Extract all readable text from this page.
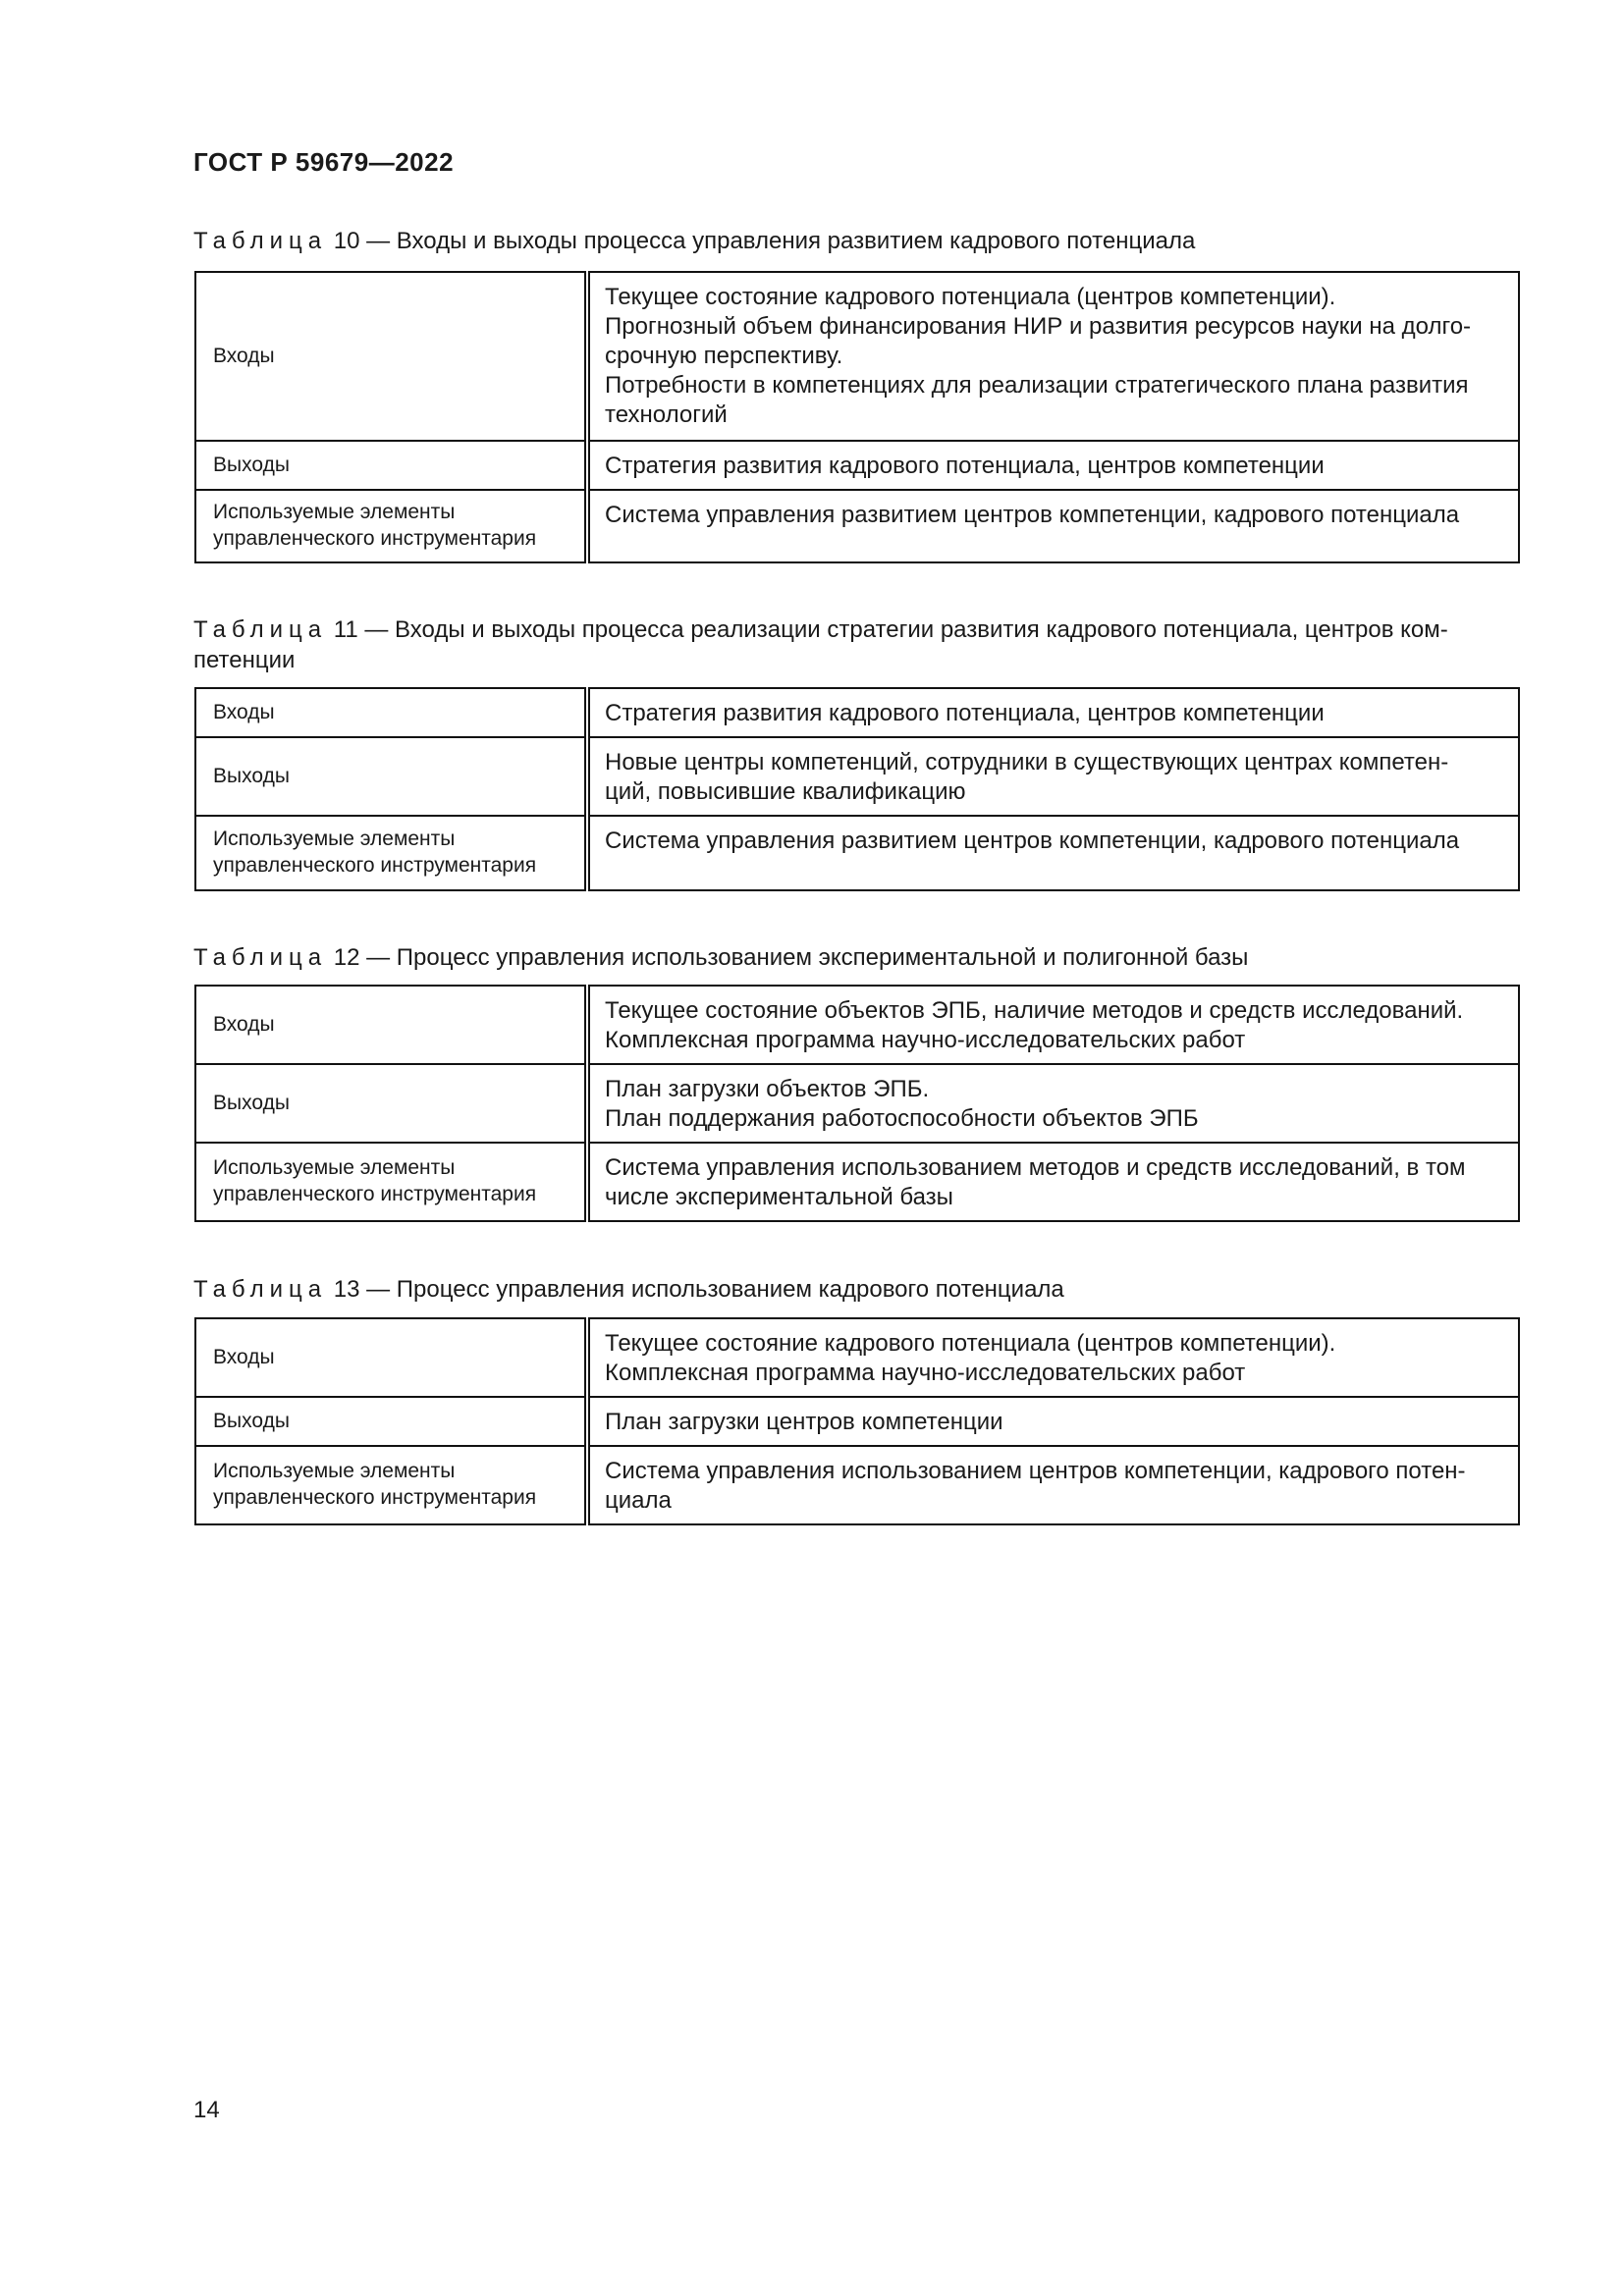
ГОСТ Р 59679—2022
Таблица 10 — Входы и выходы процесса управления развитием кадрового потенциала
Входы	Текущее состояние кадрового потенциала (центров компетенции).
Прогнозный объем финансирования НИР и развития ресурсов науки на долго-
срочную перспективу.
Потребности в компетенциях для реализации стратегического плана развития
технологий

Выходы	Стратегия развития кадрового потенциала, центров компетенции

Используемые элементы
управленческого инструментария	Система управления развитием центров компетенции, кадрового потенциала
Таблица 11 — Входы и выходы процесса реализации стратегии развития кадрового потенциала, центров ком-
петенции
Входы	Стратегия развития кадрового потенциала, центров компетенции

Выходы	Новые центры компетенций, сотрудники в существующих центрах компетен-
ций, повысившие квалификацию

Используемые элементы
управленческого инструментария	Система управления развитием центров компетенции, кадрового потенциала
Таблица 12 — Процесс управления использованием экспериментальной и полигонной базы
Входы	Текущее состояние объектов ЭПБ, наличие методов и средств исследований.
Комплексная программа научно-исследовательских работ

Выходы	План загрузки объектов ЭПБ.
План поддержания работоспособности объектов ЭПБ

Используемые элементы
управленческого инструментария	Система управления использованием методов и средств исследований, в том
числе экспериментальной базы
Таблица 13 — Процесс управления использованием кадрового потенциала
Входы	Текущее состояние кадрового потенциала (центров компетенции).
Комплексная программа научно-исследовательских работ

Выходы	План загрузки центров компетенции

Используемые элементы
управленческого инструментария	Система управления использованием центров компетенции, кадрового потен-
циала
14
